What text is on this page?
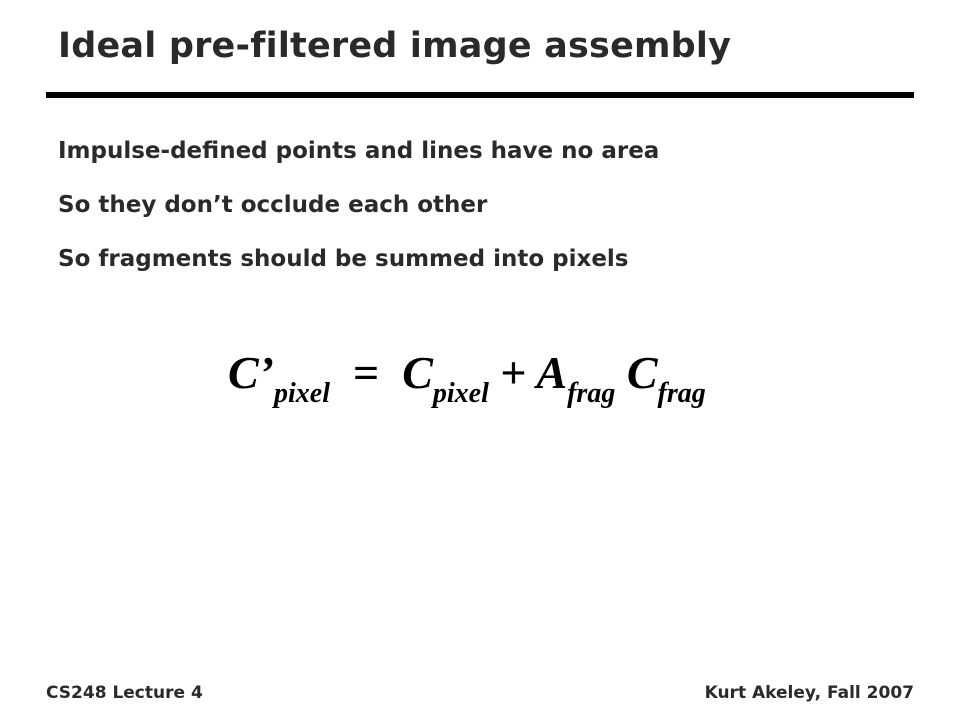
Ideal pre-filtered image assembly
Impulse-defined points and lines have no area
So they don’t occlude each other
So fragments should be summed into pixels
$C’_{pixel} = C_{pixel} + A_{frag}$ $C_{frag}$
CS248 Lecture 4	Kurt Akeley, Fall 2007
